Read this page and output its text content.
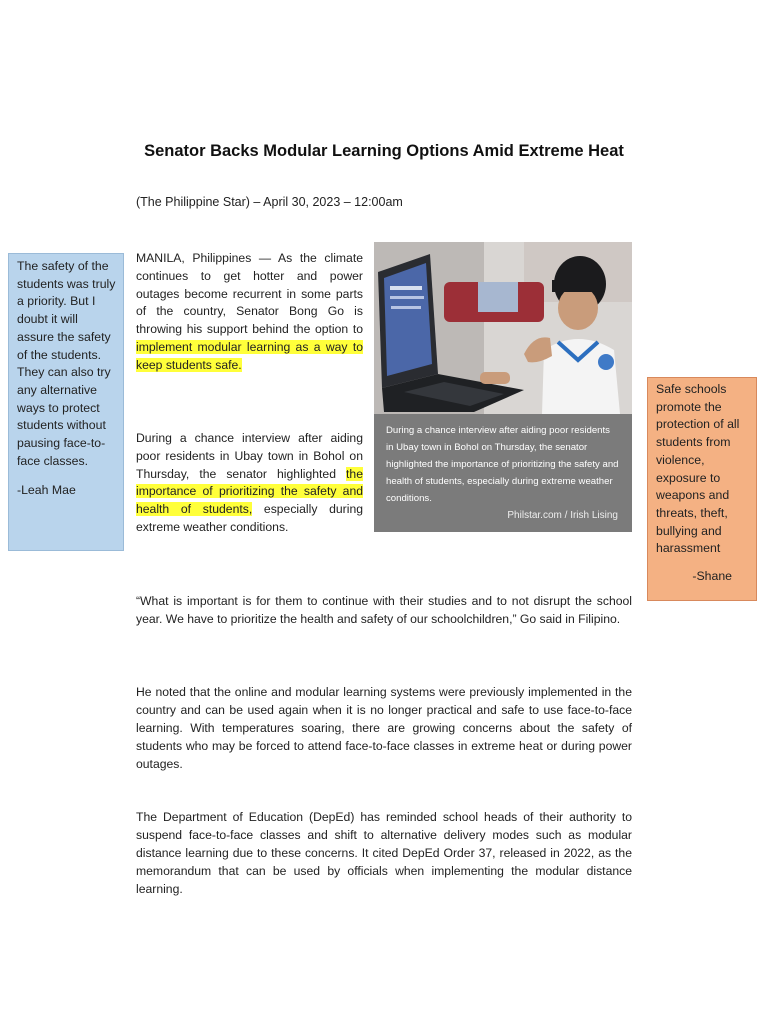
Senator Backs Modular Learning Options Amid Extreme Heat
(The Philippine Star) – April 30, 2023 – 12:00am
MANILA, Philippines — As the climate continues to get hotter and power outages become recurrent in some parts of the country, Senator Bong Go is throwing his support behind the option to implement modular learning as a way to keep students safe.
During a chance interview after aiding poor residents in Ubay town in Bohol on Thursday, the senator highlighted the importance of prioritizing the safety and health of students, especially during extreme weather conditions.
During a chance interview after aiding poor residents in Ubay town in Bohol on Thursday, the senator highlighted the importance of prioritizing the safety and health of students, especially during extreme weather conditions.
Philstar.com / Irish Lising
“What is important is for them to continue with their studies and to not disrupt the school year. We have to prioritize the health and safety of our schoolchildren,” Go said in Filipino.
He noted that the online and modular learning systems were previously implemented in the country and can be used again when it is no longer practical and safe to use face-to-face learning. With temperatures soaring, there are growing concerns about the safety of students who may be forced to attend face-to-face classes in extreme heat or during power outages.
The Department of Education (DepEd) has reminded school heads of their authority to suspend face-to-face classes and shift to alternative delivery modes such as modular distance learning due to these concerns. It cited DepEd Order 37, released in 2022, as the memorandum that can be used by officials when implementing the modular distance learning.
The safety of the students was truly a priority. But I doubt it will assure the safety of the students. They can also try any alternative ways to protect students without pausing face-to-face classes.
-Leah Mae
Safe schools promote the protection of all students from violence, exposure to weapons and threats, theft, bullying and harassment
-Shane
